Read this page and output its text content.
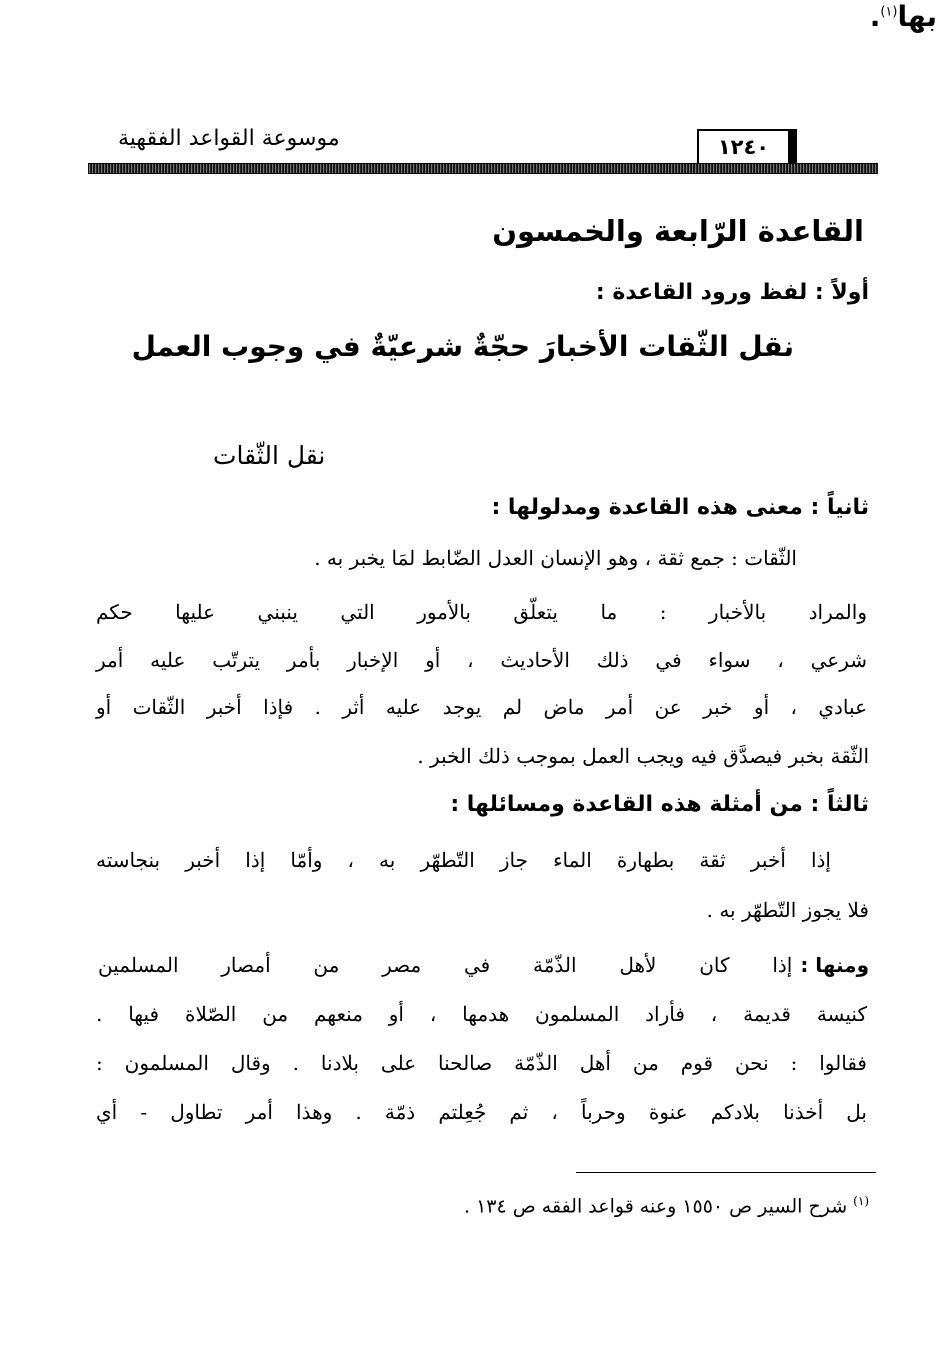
١٢٤٠
موسوعة القواعد الفقهية
القاعدة الرّابعة والخمسون
أولاً : لفظ ورود القاعدة :
نقل الثّقات الأخبارَ حجّةٌ شرعيّةٌ في وجوب العمل
بها$^{(١)}$.
نقل الثّقات
ثانياً : معنى هذه القاعدة ومدلولها :
الثّقات : جمع ثقة ، وهو الإنسان العدل الضّابط لمَا يخبر به .
والمراد بالأخبار : ما يتعلّق بالأمور التي ينبني عليها حكم
شرعي ، سواء في ذلك الأحاديث ، أو الإخبار بأمر يترتّب عليه أمر
عبادي ، أو خبر عن أمر ماض لم يوجد عليه أثر . فإذا أخبر الثّقات أو
الثّقة بخبر فيصدَّق فيه ويجب العمل بموجب ذلك الخبر .
ثالثاً : من أمثلة هذه القاعدة ومسائلها :
إذا أخبر ثقة بطهارة الماء جاز التّطهّر به ، وأمّا إذا أخبر بنجاسته
فلا يجوز التّطهّر به .
ومنها :
إذا كان لأهل الذّمّة في مصر من أمصار المسلمين
كنيسة قديمة ، فأراد المسلمون هدمها ، أو منعهم من الصّلاة فيها .
فقالوا : نحن قوم من أهل الذّمّة صالحنا على بلادنا . وقال المسلمون :
بل أخذنا بلادكم عنوة وحرباً ، ثم جُعِلتم ذمّة . وهذا أمر تطاول - أي
$^{(١)}$ شرح السير ص ١٥٥٠ وعنه قواعد الفقه ص ١٣٤ .
